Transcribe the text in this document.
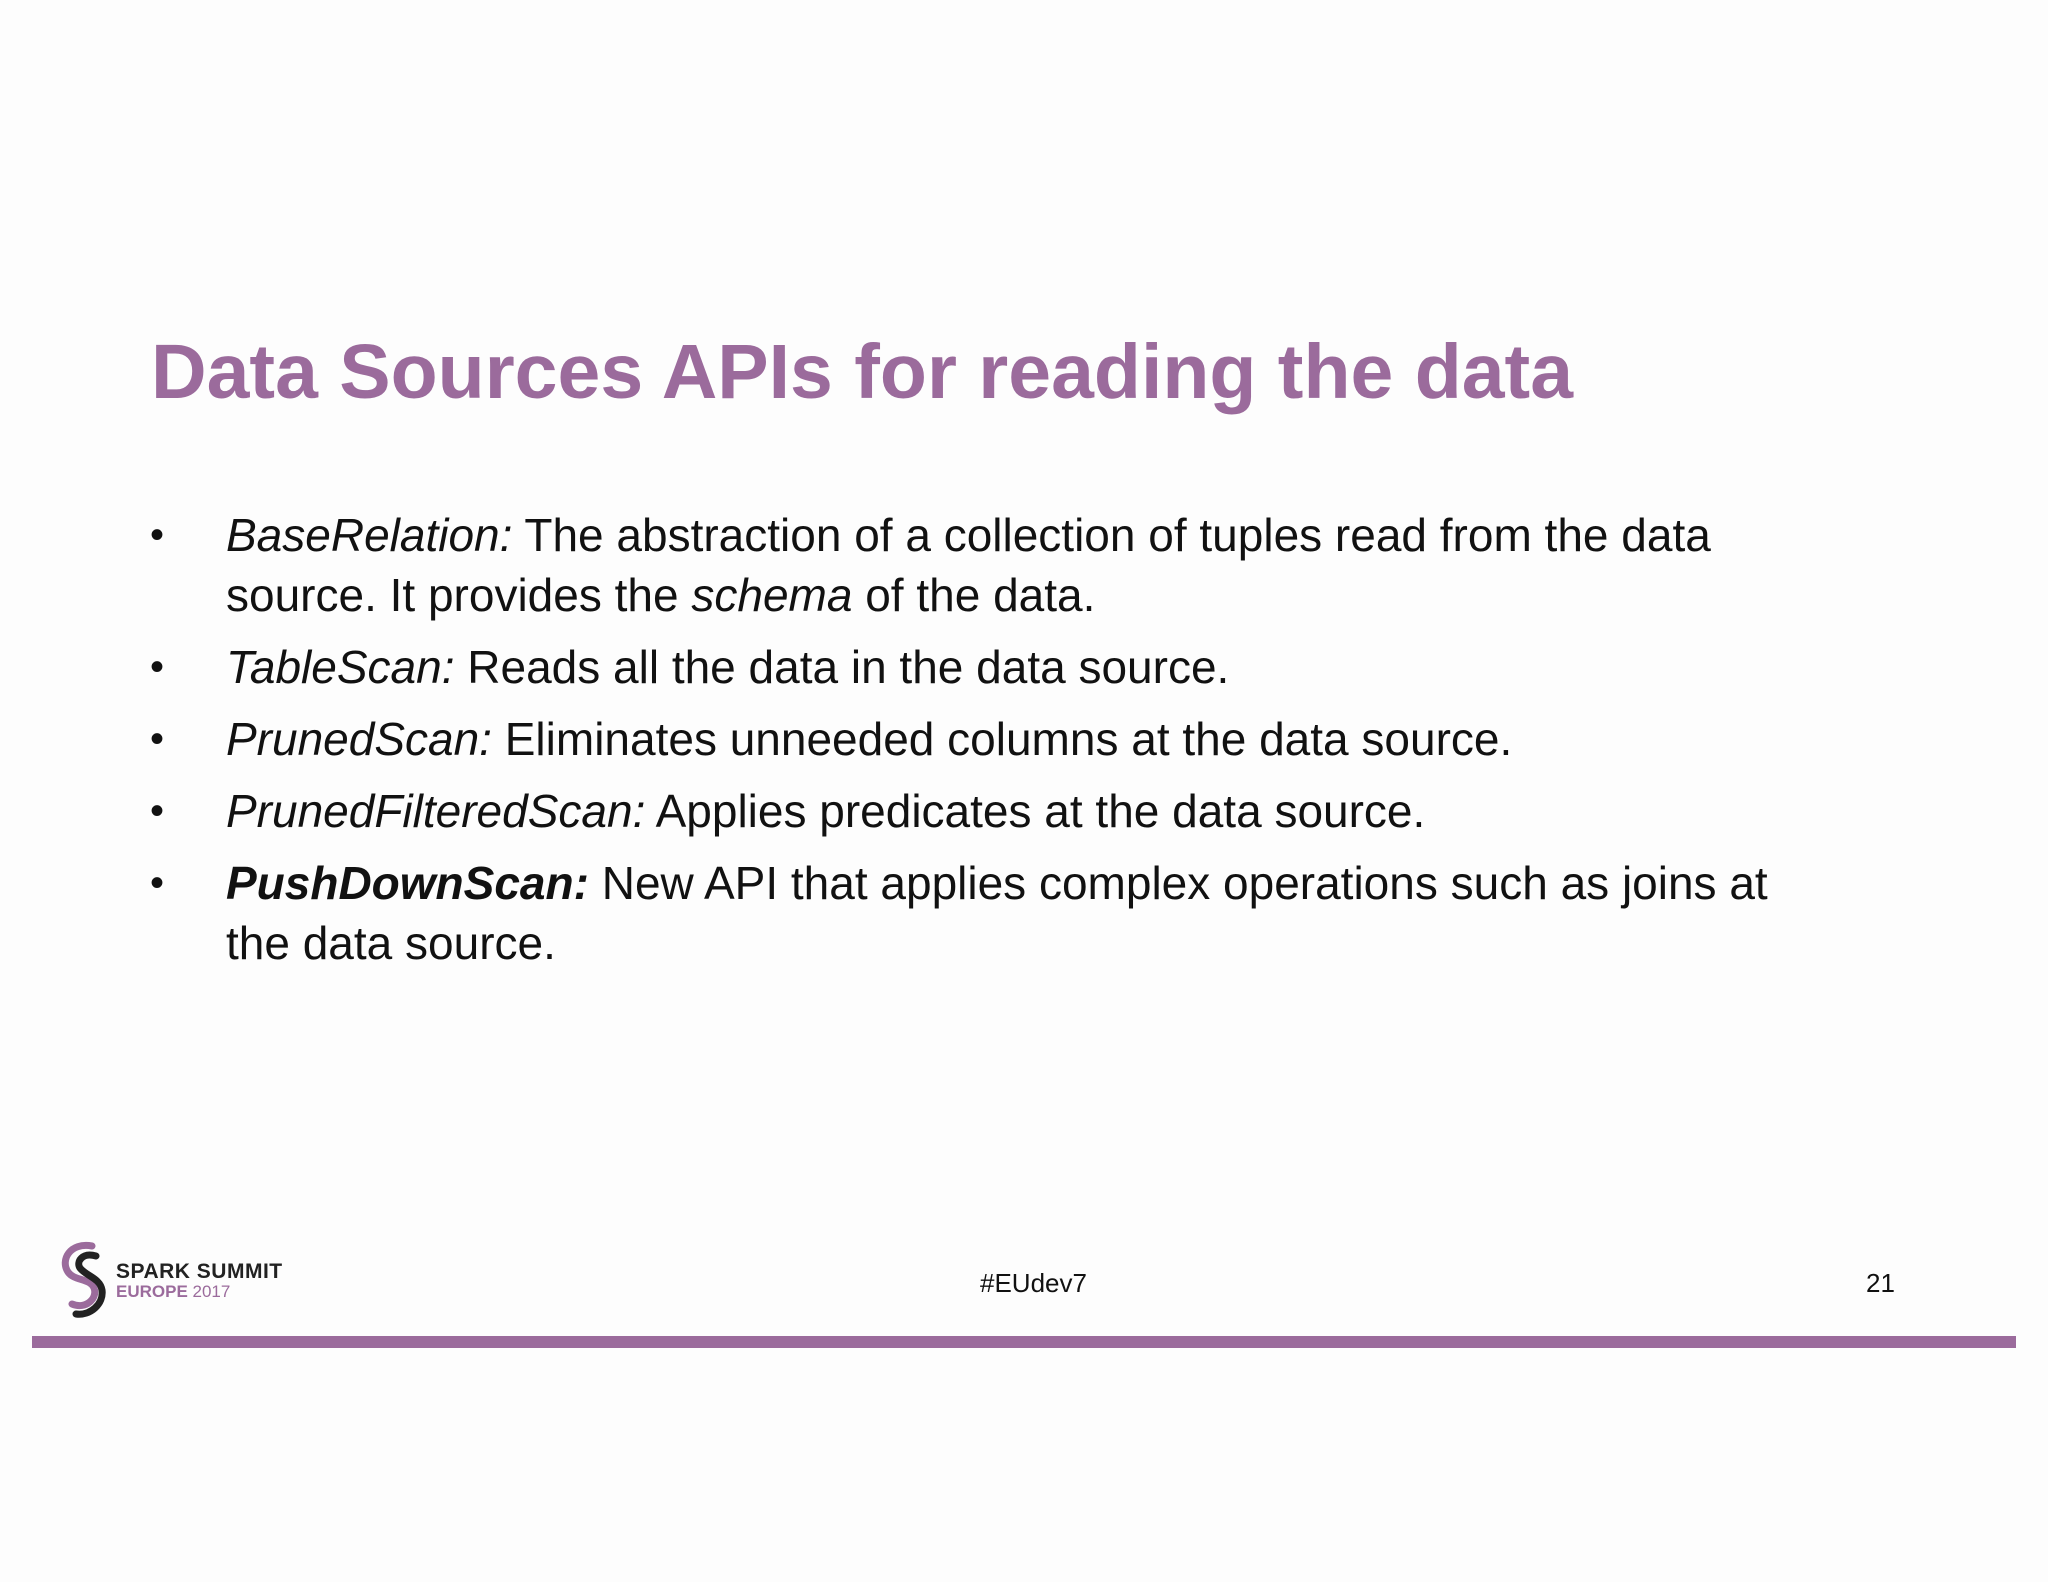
Data Sources APIs for reading the data
• BaseRelation: The abstraction of a collection of tuples read from the data
source. It provides the schema of the data.
• TableScan: Reads all the data in the data source.
• PrunedScan: Eliminates unneeded columns at the data source.
• PrunedFilteredScan: Applies predicates at the data source.
• PushDownScan: New API that applies complex operations such as joins at
the data source.
SPARK SUMMIT
EUROPE 2017	#EUdev7	21
